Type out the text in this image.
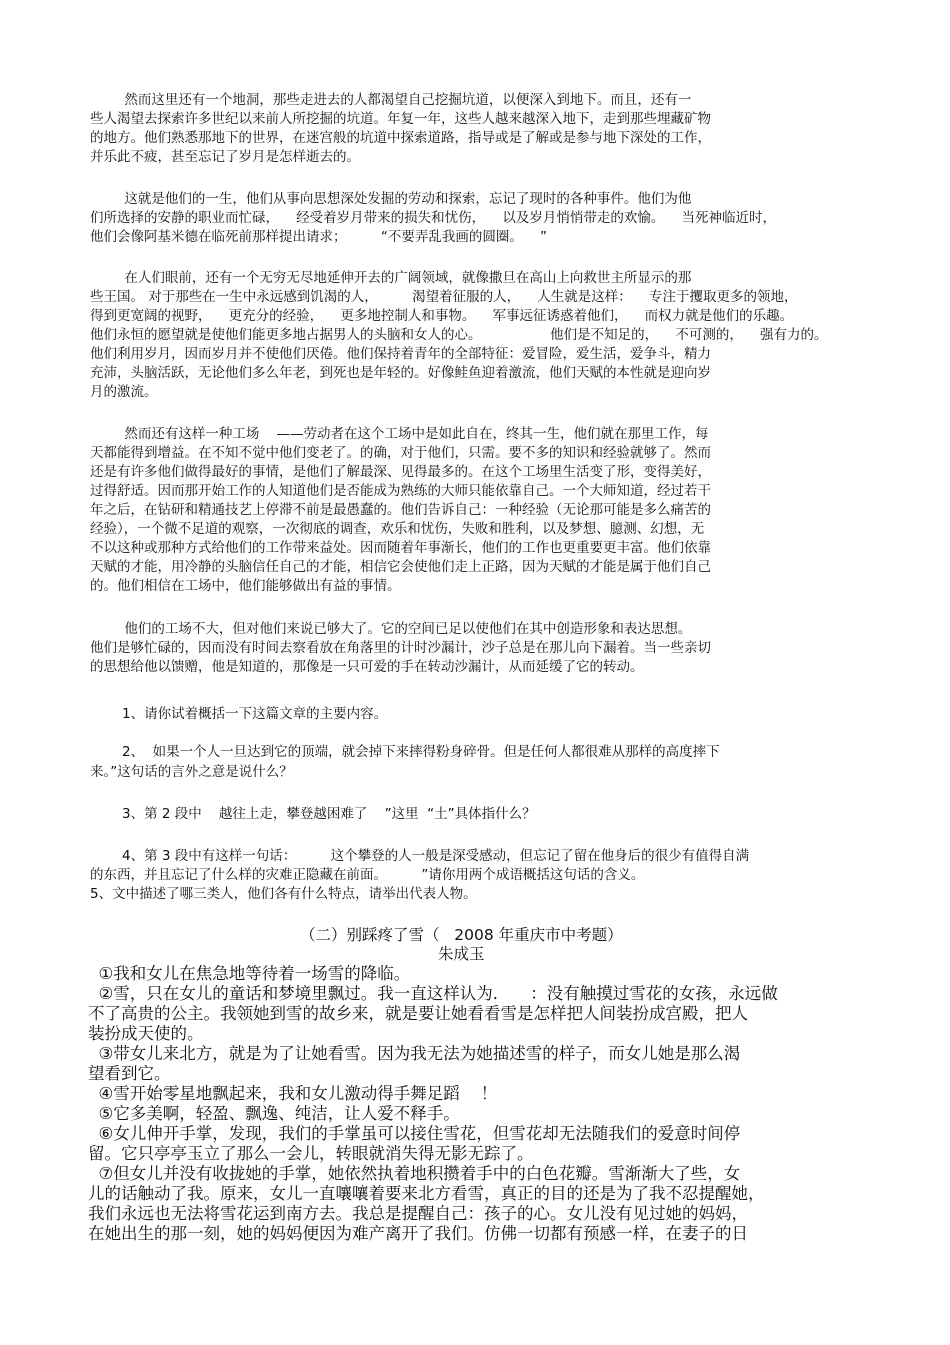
然而这里还有一个地洞，那些走进去的人都渴望自己挖掘坑道，以便深入到地下。而且，还有一
些人渴望去探索许多世纪以来前人所挖掘的坑道。年复一年，这些人越来越深入地下，走到那些埋藏矿物
的地方。他们熟悉那地下的世界，在迷宫般的坑道中探索道路，指导或是了解或是参与地下深处的工作，
并乐此不疲，甚至忘记了岁月是怎样逝去的。
这就是他们的一生，他们从事向思想深处发掘的劳动和探索，忘记了现时的各种事件。他们为他
们所选择的安静的职业而忙碌，    经受着岁月带来的损失和忧伤，    以及岁月悄悄带走的欢愉。    当死神临近时，
他们会像阿基米德在临死前那样提出请求；        “不要弄乱我画的圆圈。    ”
在人们眼前，还有一个无穷无尽地延伸开去的广阔领域，就像撒旦在高山上向救世主所显示的那
些王国。 对于那些在一生中永远感到饥渴的人，        渴望着征服的人，    人生就是这样：    专注于攫取更多的领地，
得到更宽阔的视野，    更充分的经验，    更多地控制人和事物。    军事远征诱惑着他们，    而权力就是他们的乐趣。
他们永恒的愿望就是使他们能更多地占据男人的头脑和女人的心。                他们是不知足的，    不可测的，    强有力的。
他们利用岁月，因而岁月并不使他们厌倦。他们保持着青年的全部特征：爱冒险，爱生活，爱争斗，精力
充沛，头脑活跃，无论他们多么年老，到死也是年轻的。好像鲑鱼迎着激流，他们天赋的本性就是迎向岁
月的激流。
然而还有这样一种工场    ——劳动者在这个工场中是如此自在，终其一生，他们就在那里工作，每
天都能得到增益。在不知不觉中他们变老了。的确，对于他们，只需。要不多的知识和经验就够了。然而
还是有许多他们做得最好的事情，是他们了解最深、见得最多的。在这个工场里生活变了形，变得美好，
过得舒适。因而那开始工作的人知道他们是否能成为熟练的大师只能依靠自己。一个大师知道，经过若干
年之后，在钻研和精通技艺上停滞不前是最愚蠢的。他们告诉自己：一种经验（无论那可能是多么痛苦的
经验），一个微不足道的观察，一次彻底的调查，欢乐和忧伤，失败和胜利，以及梦想、臆测、幻想，无
不以这种或那种方式给他们的工作带来益处。因而随着年事渐长，他们的工作也更重要更丰富。他们依靠
天赋的才能，用冷静的头脑信任自己的才能，相信它会使他们走上正路，因为天赋的才能是属于他们自己
的。他们相信在工场中，他们能够做出有益的事情。
他们的工场不大，但对他们来说已够大了。它的空间已足以使他们在其中创造形象和表达思想。
他们是够忙碌的，因而没有时间去察看放在角落里的计时沙漏计，沙子总是在那儿向下漏着。当一些亲切
的思想给他以馈赠，他是知道的，那像是一只可爱的手在转动沙漏计，从而延缓了它的转动。
1、请你试着概括一下这篇文章的主要内容。
2、  如果一个人一旦达到它的顶端，就会掉下来摔得粉身碎骨。但是任何人都很难从那样的高度摔下
来。”这句话的言外之意是说什么？
3、第 2 段中    越往上走，攀登越困难了    ”这里  “土”具体指什么？
4、第 3 段中有这样一句话：        这个攀登的人一般是深受感动，但忘记了留在他身后的很少有值得自满
的东西，并且忘记了什么样的灾难正隐藏在前面。        ”请你用两个成语概括这句话的含义。
5、文中描述了哪三类人，他们各有什么特点，请举出代表人物。
（二）别踩疼了雪（   2008 年重庆市中考题）
朱成玉
①我和女儿在焦急地等待着一场雪的降临。
②雪，只在女儿的童话和梦境里飘过。我一直这样认为．    ：没有触摸过雪花的女孩，永远做
不了高贵的公主。我领她到雪的故乡来，就是要让她看看雪是怎样把人间装扮成宫殿，把人
装扮成天使的。
③带女儿来北方，就是为了让她看雪。因为我无法为她描述雪的样子，而女儿她是那么渴
望看到它。
④雪开始零星地飘起来，我和女儿激动得手舞足蹈    ！
⑤它多美啊，轻盈、飘逸、纯洁，让人爱不释手。
⑥女儿伸开手掌，发现，我们的手掌虽可以接住雪花，但雪花却无法随我们的爱意时间停
留。它只亭亭玉立了那么一会儿，转眼就消失得无影无踪了。
⑦但女儿并没有收拢她的手掌，她依然执着地积攒着手中的白色花瓣。雪渐渐大了些，女
儿的话触动了我。原来，女儿一直嚷嚷着要来北方看雪，真正的目的还是为了我不忍提醒她，
我们永远也无法将雪花运到南方去。我总是提醒自己：孩子的心。女儿没有见过她的妈妈，
在她出生的那一刻，她的妈妈便因为难产离开了我们。仿佛一切都有预感一样，在妻子的日
